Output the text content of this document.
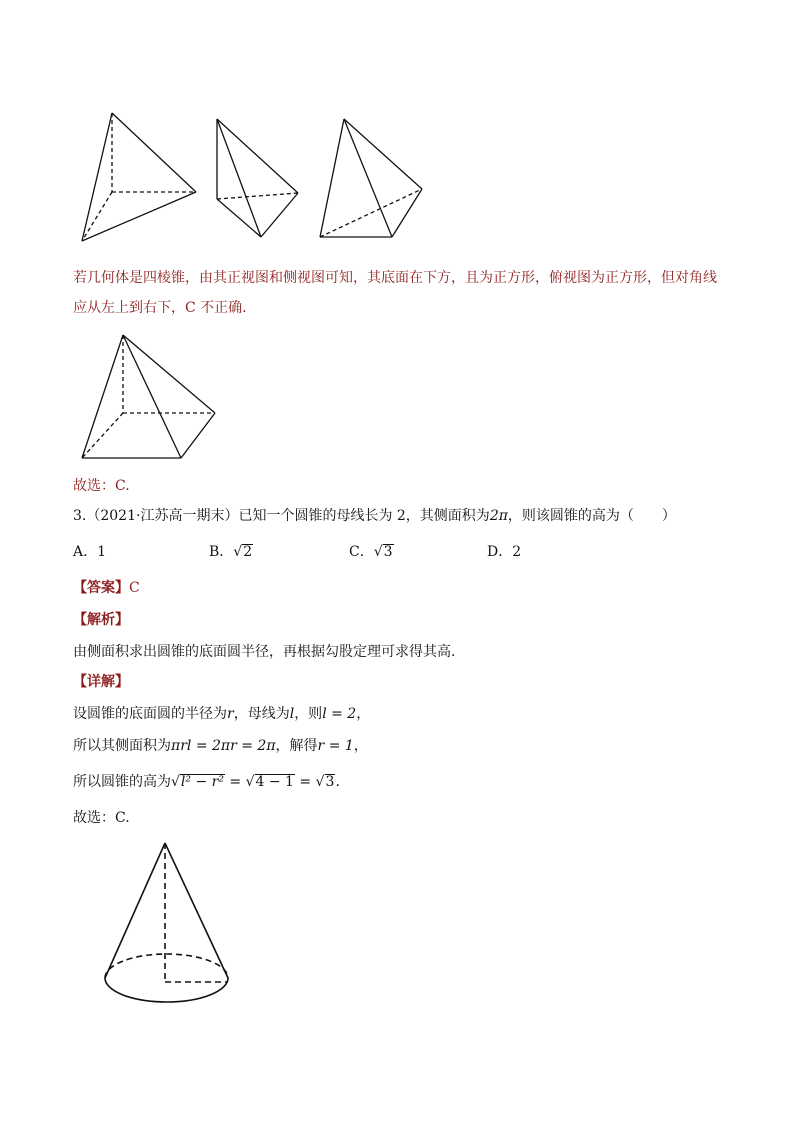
若几何体是四棱锥，由其正视图和侧视图可知，其底面在下方，且为正方形，俯视图为正方形，但对角线
应从左上到右下，C 不正确.
故选：C.
3.（2021·江苏高一期末）已知一个圆锥的母线长为 2，其侧面积为2π，则该圆锥的高为（　　）
A．1	B．√2	C．√3	D．2
【答案】C
【解析】
由侧面积求出圆锥的底面圆半径，再根据勾股定理可求得其高.
【详解】
设圆锥的底面圆的半径为r，母线为l，则l = 2，
所以其侧面积为πrl = 2πr = 2π，解得r = 1，
所以圆锥的高为√l² − r² = √4 − 1 = √3.
故选：C.
